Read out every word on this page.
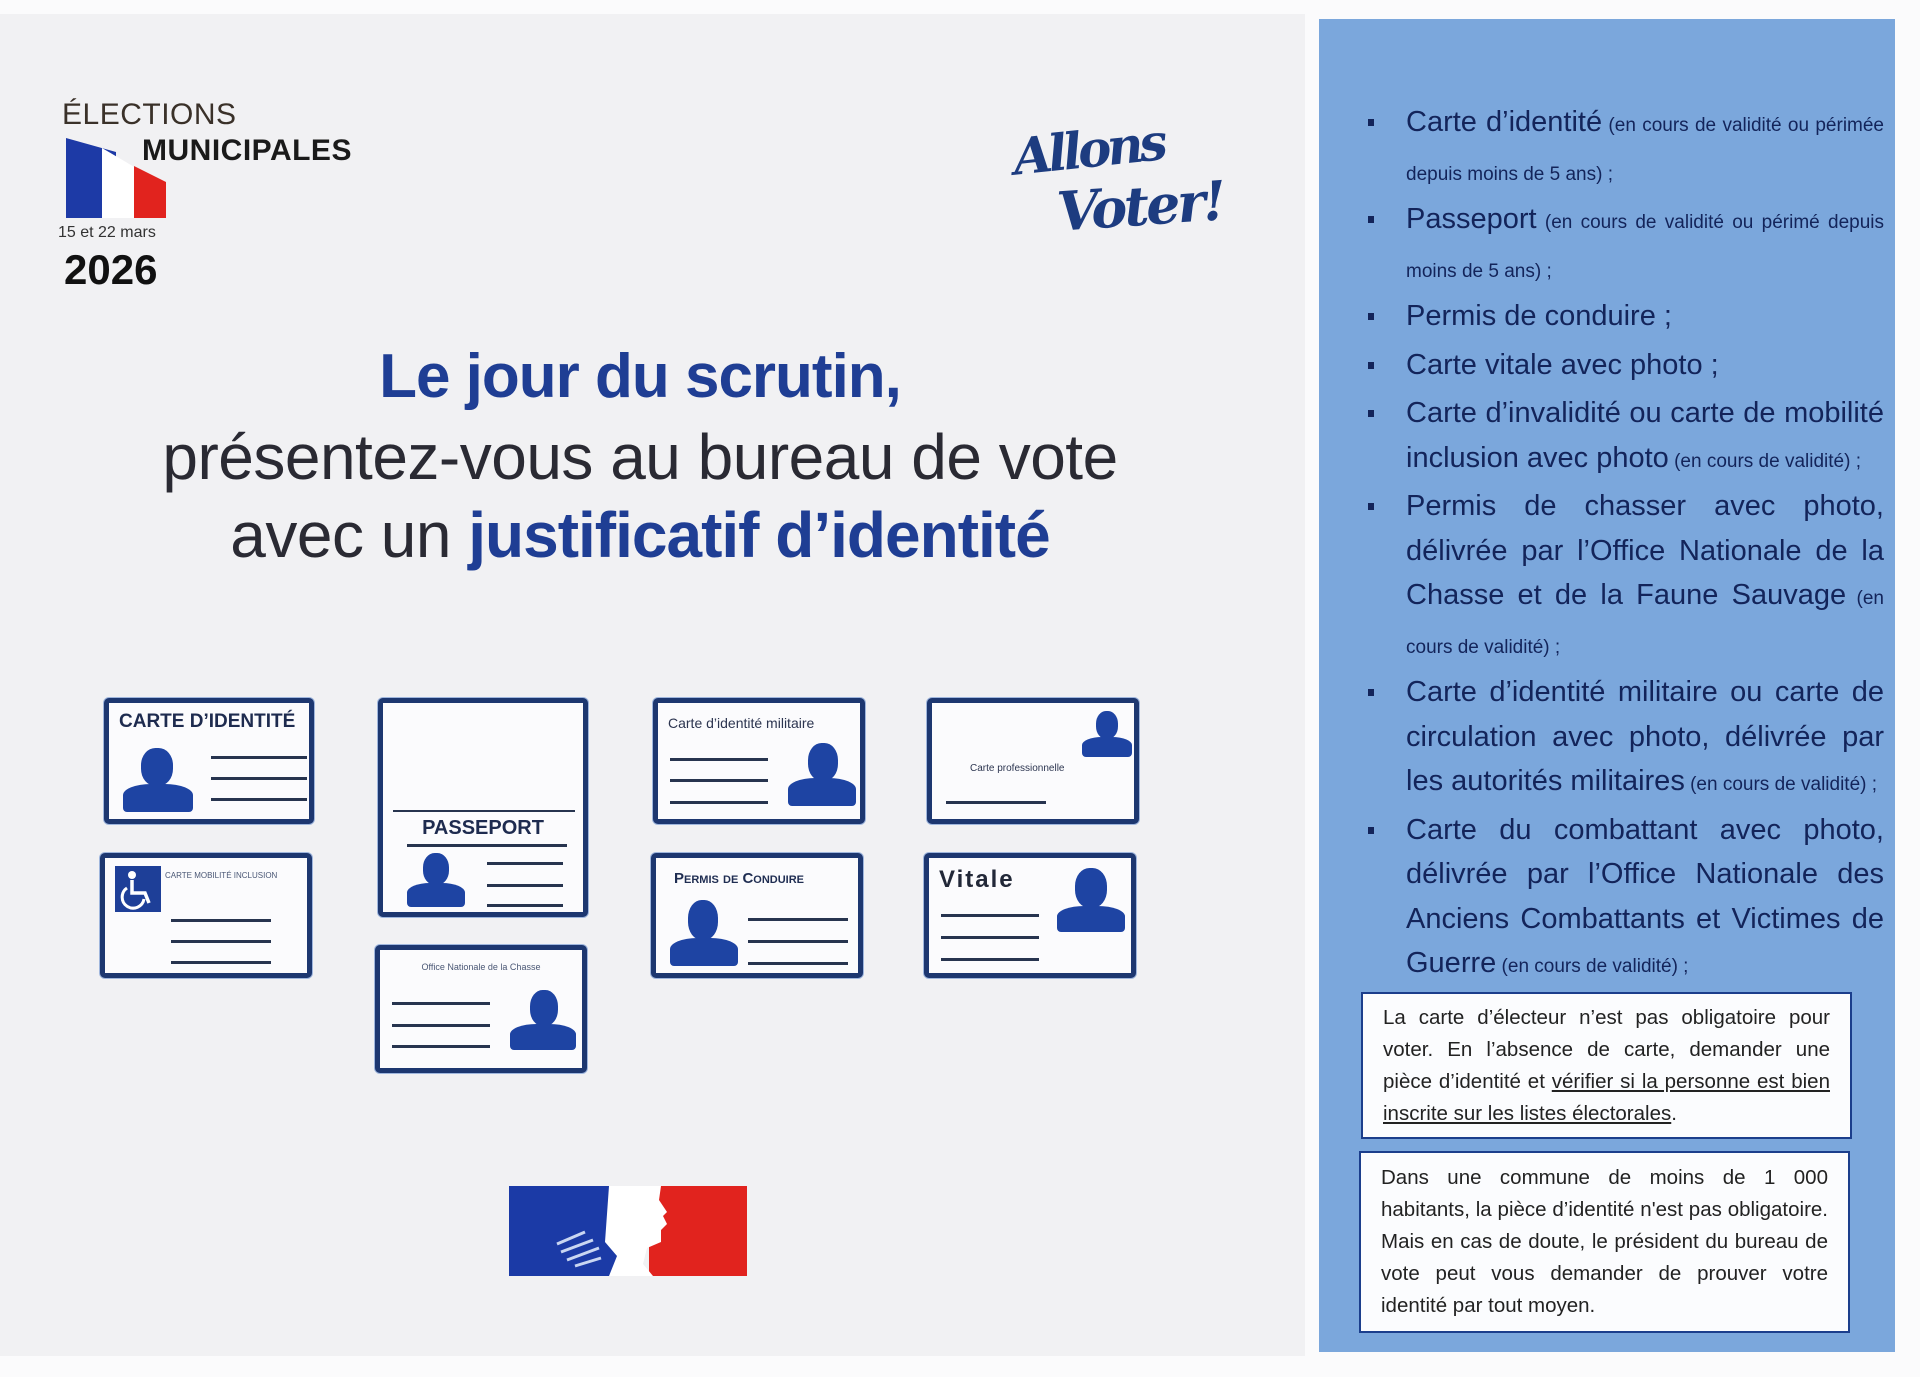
ÉLECTIONS
MUNICIPALES
15 et 22 mars
2026
Allons
Voter!
Le jour du scrutin,
présentez-vous au bureau de vote
avec un justificatif d’identité
CARTE D’IDENTITÉ
CARTE MOBILITÉ INCLUSION
PASSEPORT
Office Nationale de la Chasse
Carte d’identité militaire
Permis de Conduire
Carte professionnelle
Vitale
Carte d’identité (en cours de validité ou périmée depuis moins de 5 ans) ;
Passeport (en cours de validité ou périmé depuis moins de 5 ans) ;
Permis de conduire ;
Carte vitale avec photo ;
Carte d’invalidité ou carte de mobilité inclusion avec photo (en cours de validité) ;
Permis de chasser avec photo, délivrée par l’Office Nationale de la Chasse et de la Faune Sauvage (en cours de validité) ;
Carte d’identité militaire ou carte de circulation avec photo, délivrée par les autorités militaires (en cours de validité) ;
Carte du combattant avec photo, délivrée par l’Office Nationale des Anciens Combattants et Victimes de Guerre (en cours de validité) ;
La carte d’électeur n’est pas obligatoire pour voter. En l’absence de carte, demander une pièce d’identité et vérifier si la personne est bien inscrite sur les listes électorales.
Dans une commune de moins de 1 000 habitants, la pièce d’identité n'est pas obligatoire. Mais en cas de doute, le président du bureau de vote peut vous demander de prouver votre identité par tout moyen.
